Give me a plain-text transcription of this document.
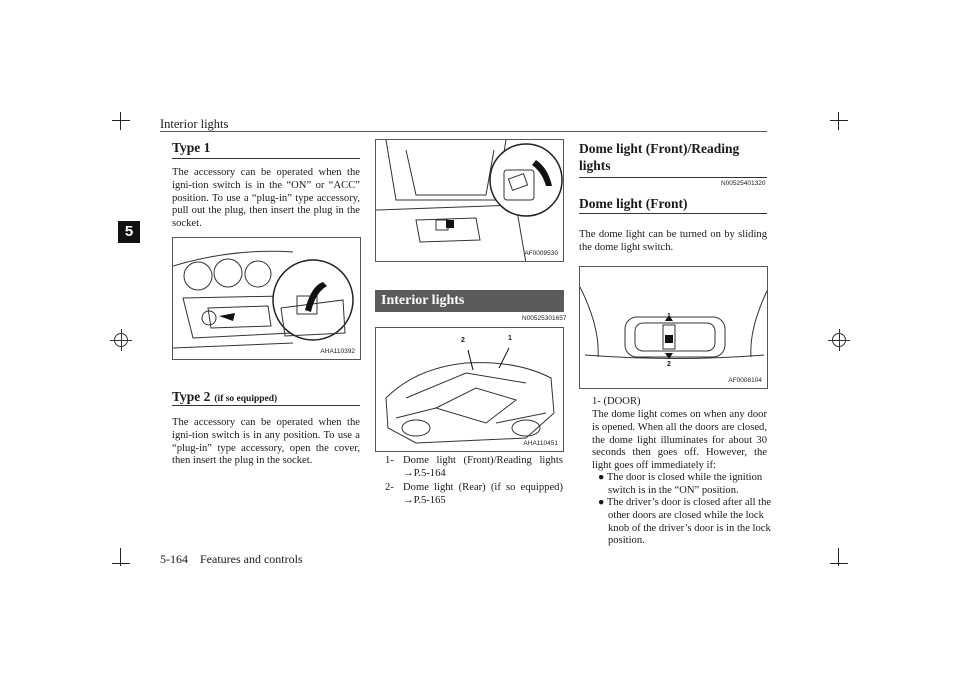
Interior lights
5
Type 1
The accessory can be operated when the igni-tion switch is in the “ON” or “ACC” position. To use a “plug-in” type accessory, pull out the plug, then insert the plug in the socket.
AHA110392
Type 2 (if so equipped)
The accessory can be operated when the igni-tion switch is in any position. To use a “plug-in” type accessory, open the cover, then insert the plug in the socket.
AF0009530
Interior lights
N00525301657
2	1
AHA110451
1- Dome light (Front)/Reading lights
→P.5-164
2- Dome light (Rear) (if so equipped)
→P.5-165
Dome light (Front)/Reading lights
N00525401320
Dome light (Front)
The dome light can be turned on by sliding the dome light switch.
1
2
AF0008104
1- (DOOR)
The dome light comes on when any door is opened. When all the doors are closed, the dome light illuminates for about 30 seconds then goes off. However, the light goes off immediately if:
● The door is closed while the ignition switch is in the “ON” position.
● The driver’s door is closed after all the other doors are closed while the lock knob of the driver’s door is in the lock position.
5-164 Features and controls
